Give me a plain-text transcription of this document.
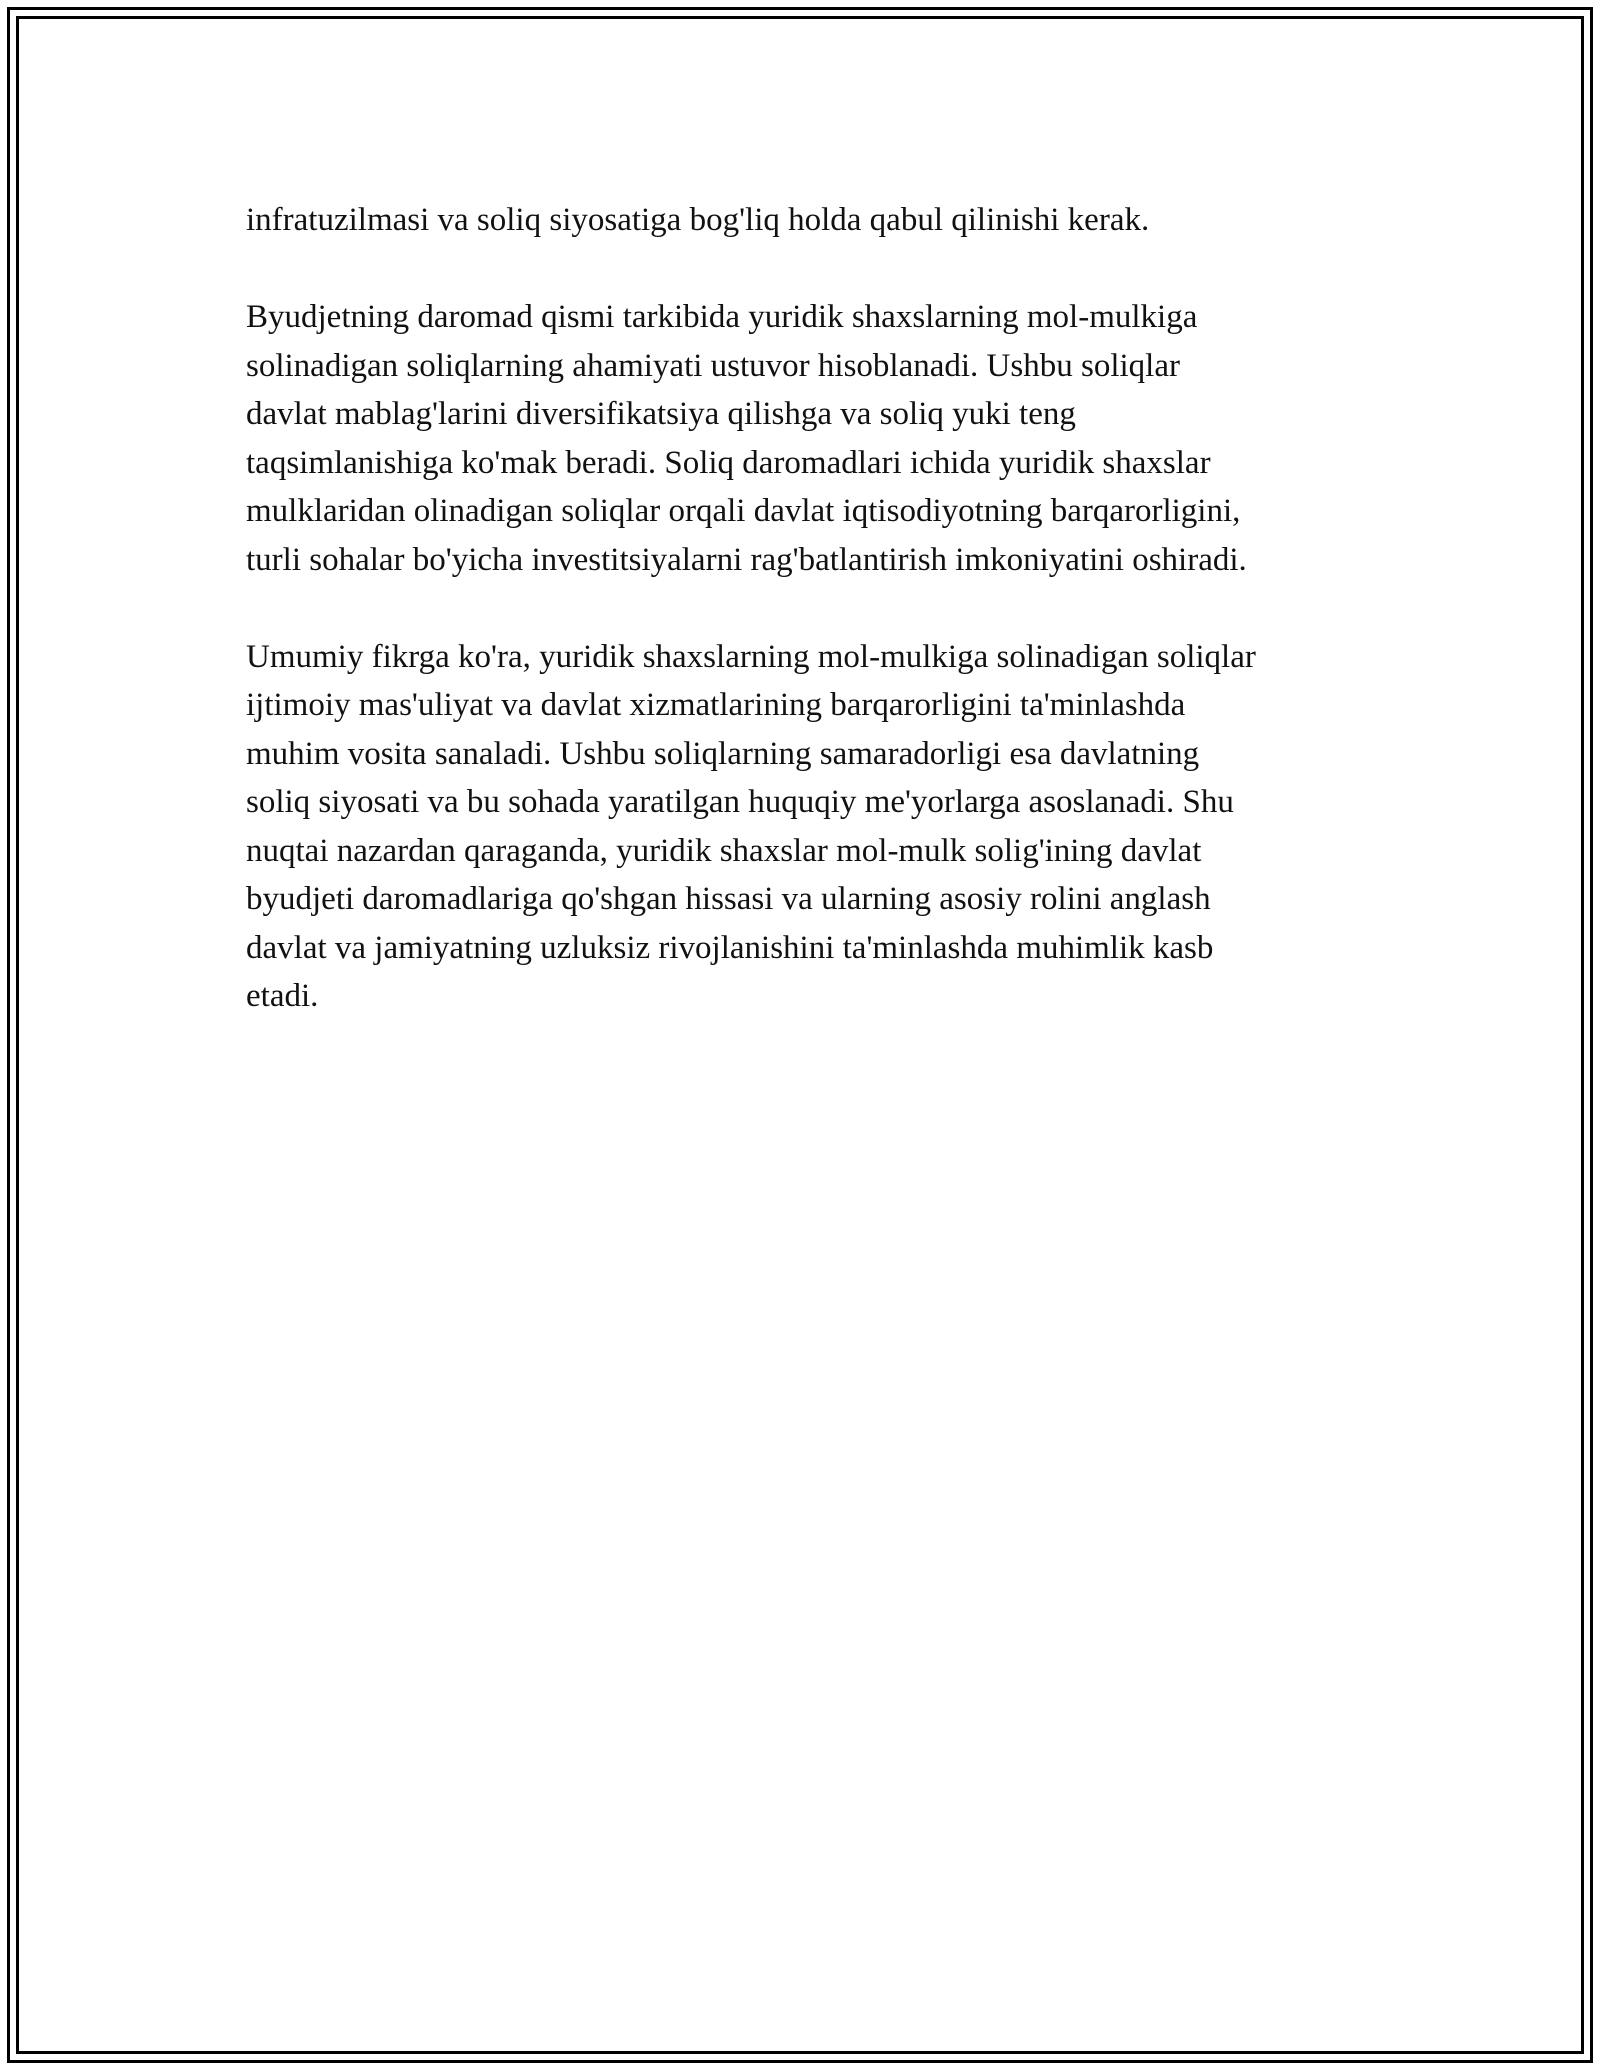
infratuzilmasi va soliq siyosatiga bog'liq holda qabul qilinishi kerak.

Byudjetning daromad qismi tarkibida yuridik shaxslarning mol-mulkiga
solinadigan soliqlarning ahamiyati ustuvor hisoblanadi. Ushbu soliqlar
davlat mablag'larini diversifikatsiya qilishga va soliq yuki teng
taqsimlanishiga ko'mak beradi. Soliq daromadlari ichida yuridik shaxslar
mulklaridan olinadigan soliqlar orqali davlat iqtisodiyotning barqarorligini,
turli sohalar bo'yicha investitsiyalarni rag'batlantirish imkoniyatini oshiradi.

Umumiy fikrga ko'ra, yuridik shaxslarning mol-mulkiga solinadigan soliqlar
ijtimoiy mas'uliyat va davlat xizmatlarining barqarorligini ta'minlashda
muhim vosita sanaladi. Ushbu soliqlarning samaradorligi esa davlatning
soliq siyosati va bu sohada yaratilgan huquqiy me'yorlarga asoslanadi. Shu
nuqtai nazardan qaraganda, yuridik shaxslar mol-mulk solig'ining davlat
byudjeti daromadlariga qo'shgan hissasi va ularning asosiy rolini anglash
davlat va jamiyatning uzluksiz rivojlanishini ta'minlashda muhimlik kasb
etadi.
